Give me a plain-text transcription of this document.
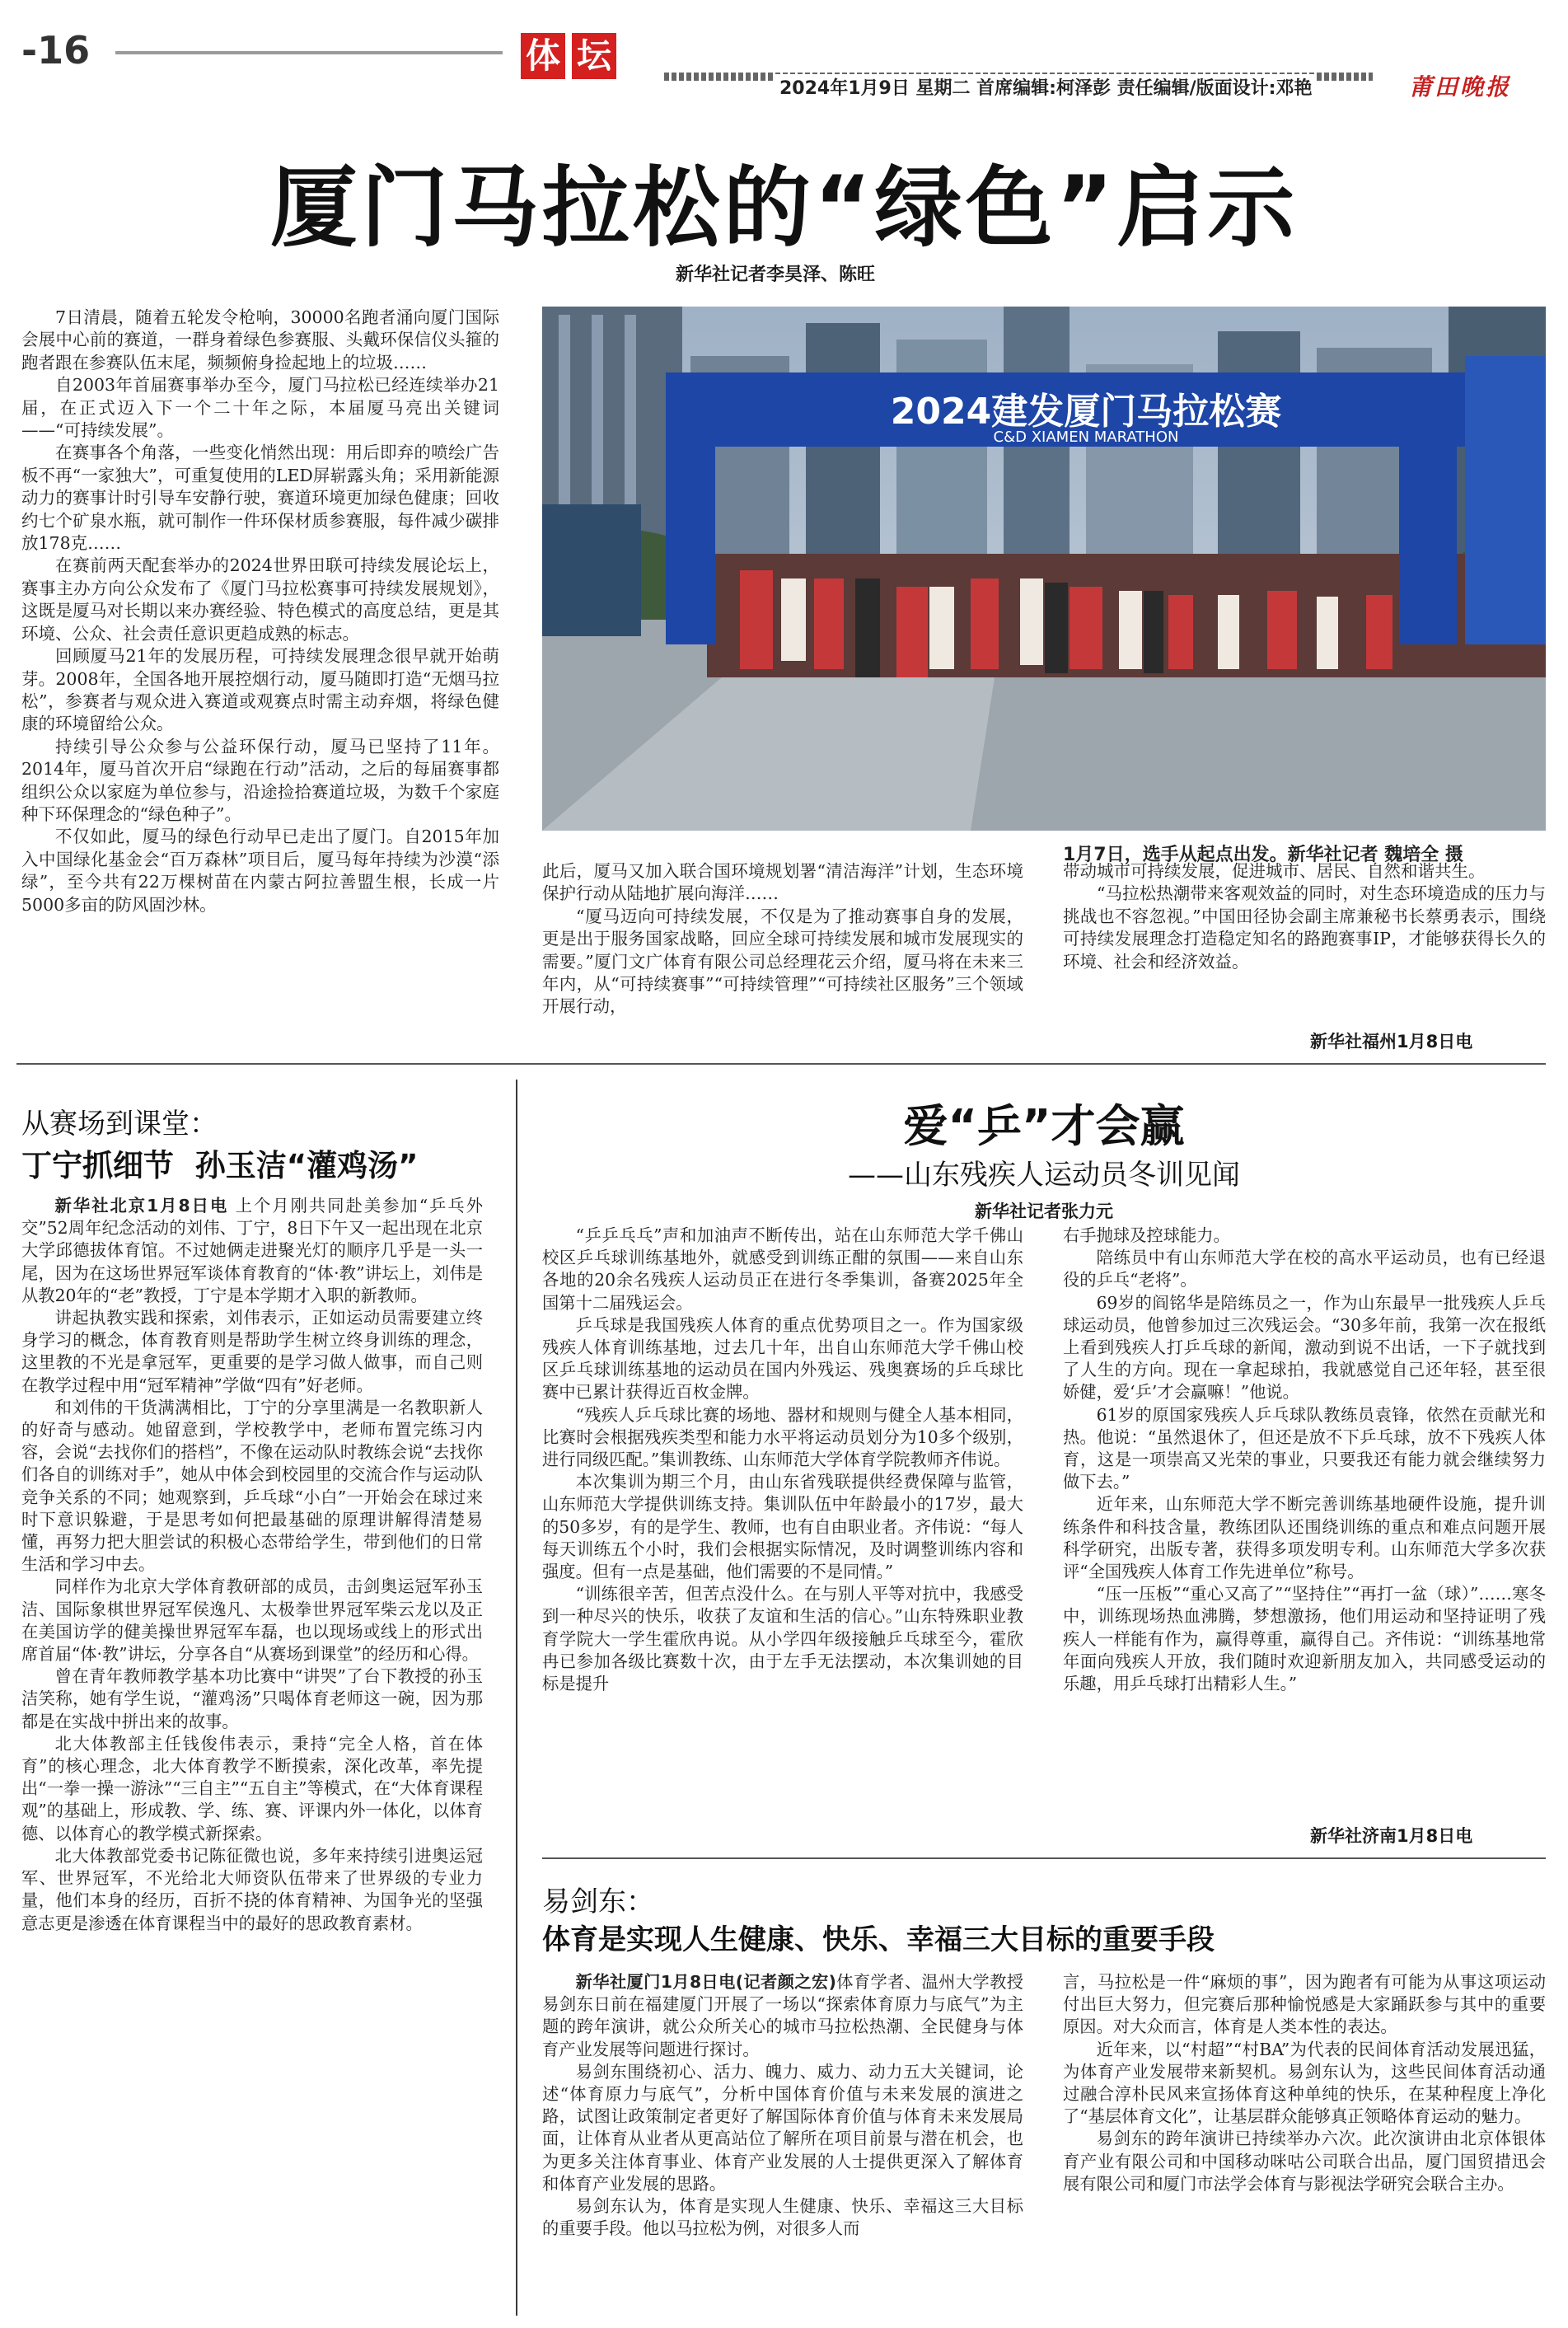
-16	体 坛
2024年1月9日 星期二 首席编辑:柯泽彭 责任编辑/版面设计:邓艳	莆田晚报
厦门马拉松的“绿色”启示
新华社记者李昊泽、陈旺

7日清晨，随着五轮发令枪响，30000名跑者涌向厦门国际会展中心前的赛道，一群身着绿色参赛服、头戴环保信仪头箍的跑者跟在参赛队伍末尾，频频俯身捡起地上的垃圾……

自2003年首届赛事举办至今，厦门马拉松已经连续举办21届，在正式迈入下一个二十年之际，本届厦马亮出关键词——“可持续发展”。

在赛事各个角落，一些变化悄然出现：用后即弃的喷绘广告板不再“一家独大”，可重复使用的LED屏崭露头角；采用新能源动力的赛事计时引导车安静行驶，赛道环境更加绿色健康；回收约七个矿泉水瓶，就可制作一件环保材质参赛服，每件减少碳排放178克……

在赛前两天配套举办的2024世界田联可持续发展论坛上，赛事主办方向公众发布了《厦门马拉松赛事可持续发展规划》，这既是厦马对长期以来办赛经验、特色模式的高度总结，更是其环境、公众、社会责任意识更趋成熟的标志。

回顾厦马21年的发展历程，可持续发展理念很早就开始萌芽。2008年，全国各地开展控烟行动，厦马随即打造“无烟马拉松”，参赛者与观众进入赛道或观赛点时需主动弃烟，将绿色健康的环境留给公众。

持续引导公众参与公益环保行动，厦马已坚持了11年。2014年，厦马首次开启“绿跑在行动”活动，之后的每届赛事都组织公众以家庭为单位参与，沿途捡拾赛道垃圾，为数千个家庭种下环保理念的“绿色种子”。

不仅如此，厦马的绿色行动早已走出了厦门。自2015年加入中国绿化基金会“百万森林”项目后，厦马每年持续为沙漠“添绿”，至今共有22万棵树苗在内蒙古阿拉善盟生根，长成一片5000多亩的防风固沙林。

2024建发厦门马拉松赛
C&D XIAMEN MARATHON
1月7日，选手从起点出发。新华社记者 魏培全 摄

此后，厦马又加入联合国环境规划署“清洁海洋”计划，生态环境保护行动从陆地扩展向海洋……

“厦马迈向可持续发展，不仅是为了推动赛事自身的发展，更是出于服务国家战略，回应全球可持续发展和城市发展现实的需要。”厦门文广体育有限公司总经理花云介绍，厦马将在未来三年内，从“可持续赛事”“可持续管理”“可持续社区服务”三个领域开展行动，

带动城市可持续发展，促进城市、居民、自然和谐共生。

“马拉松热潮带来客观效益的同时，对生态环境造成的压力与挑战也不容忽视。”中国田径协会副主席兼秘书长蔡勇表示，围绕可持续发展理念打造稳定知名的路跑赛事IP，才能够获得长久的环境、社会和经济效益。

新华社福州1月8日电
从赛场到课堂：
丁宁抓细节  孙玉洁“灌鸡汤”

新华社北京1月8日电 上个月刚共同赴美参加“乒乓外交”52周年纪念活动的刘伟、丁宁，8日下午又一起出现在北京大学邱德拔体育馆。不过她俩走进聚光灯的顺序几乎是一头一尾，因为在这场世界冠军谈体育教育的“体·教”讲坛上，刘伟是从教20年的“老”教授，丁宁是本学期才入职的新教师。

讲起执教实践和探索，刘伟表示，正如运动员需要建立终身学习的概念，体育教育则是帮助学生树立终身训练的理念，这里教的不光是拿冠军，更重要的是学习做人做事，而自己则在教学过程中用“冠军精神”学做“四有”好老师。

和刘伟的干货满满相比，丁宁的分享里满是一名教职新人的好奇与感动。她留意到，学校教学中，老师布置完练习内容，会说“去找你们的搭档”，不像在运动队时教练会说“去找你们各自的训练对手”，她从中体会到校园里的交流合作与运动队竞争关系的不同；她观察到，乒乓球“小白”一开始会在球过来时下意识躲避，于是思考如何把最基础的原理讲解得清楚易懂，再努力把大胆尝试的积极心态带给学生，带到他们的日常生活和学习中去。

同样作为北京大学体育教研部的成员，击剑奥运冠军孙玉洁、国际象棋世界冠军侯逸凡、太极拳世界冠军柴云龙以及正在美国访学的健美操世界冠军车磊，也以现场或线上的形式出席首届“体·教”讲坛，分享各自“从赛场到课堂”的经历和心得。

曾在青年教师教学基本功比赛中“讲哭”了台下教授的孙玉洁笑称，她有学生说，“灌鸡汤”只喝体育老师这一碗，因为那都是在实战中拼出来的故事。

北大体教部主任钱俊伟表示，秉持“完全人格，首在体育”的核心理念，北大体育教学不断摸索，深化改革，率先提出“一拳一操一游泳”“三自主”“五自主”等模式，在“大体育课程观”的基础上，形成教、学、练、赛、评课内外一体化，以体育德、以体育心的教学模式新探索。

北大体教部党委书记陈征微也说，多年来持续引进奥运冠军、世界冠军，不光给北大师资队伍带来了世界级的专业力量，他们本身的经历，百折不挠的体育精神、为国争光的坚强意志更是渗透在体育课程当中的最好的思政教育素材。

爱“乒”才会赢
——山东残疾人运动员冬训见闻
新华社记者张力元

“乒乒乓乓”声和加油声不断传出，站在山东师范大学千佛山校区乒乓球训练基地外，就感受到训练正酣的氛围——来自山东各地的20余名残疾人运动员正在进行冬季集训，备赛2025年全国第十二届残运会。

乒乓球是我国残疾人体育的重点优势项目之一。作为国家级残疾人体育训练基地，过去几十年，出自山东师范大学千佛山校区乒乓球训练基地的运动员在国内外残运、残奥赛场的乒乓球比赛中已累计获得近百枚金牌。

“残疾人乒乓球比赛的场地、器材和规则与健全人基本相同，比赛时会根据残疾类型和能力水平将运动员划分为10多个级别，进行同级匹配。”集训教练、山东师范大学体育学院教师齐伟说。

本次集训为期三个月，由山东省残联提供经费保障与监管，山东师范大学提供训练支持。集训队伍中年龄最小的17岁，最大的50多岁，有的是学生、教师，也有自由职业者。齐伟说：“每人每天训练五个小时，我们会根据实际情况，及时调整训练内容和强度。但有一点是基础，他们需要的不是同情。”

“训练很辛苦，但苦点没什么。在与别人平等对抗中，我感受到一种尽兴的快乐，收获了友谊和生活的信心。”山东特殊职业教育学院大一学生霍欣冉说。从小学四年级接触乒乓球至今，霍欣冉已参加各级比赛数十次，由于左手无法摆动，本次集训她的目标是提升

右手抛球及控球能力。

陪练员中有山东师范大学在校的高水平运动员，也有已经退役的乒乓“老将”。

69岁的阎铭华是陪练员之一，作为山东最早一批残疾人乒乓球运动员，他曾参加过三次残运会。“30多年前，我第一次在报纸上看到残疾人打乒乓球的新闻，激动到说不出话，一下子就找到了人生的方向。现在一拿起球拍，我就感觉自己还年轻，甚至很娇健，爱‘乒’才会赢嘛！”他说。

61岁的原国家残疾人乒乓球队教练员袁锋，依然在贡献光和热。他说：“虽然退休了，但还是放不下乒乓球，放不下残疾人体育，这是一项崇高又光荣的事业，只要我还有能力就会继续努力做下去。”

近年来，山东师范大学不断完善训练基地硬件设施，提升训练条件和科技含量，教练团队还围绕训练的重点和难点问题开展科学研究，出版专著，获得多项发明专利。山东师范大学多次获评“全国残疾人体育工作先进单位”称号。

“压一压板”“重心又高了”“坚持住”“再打一盆（球）”……寒冬中，训练现场热血沸腾，梦想激扬，他们用运动和坚持证明了残疾人一样能有作为，赢得尊重，赢得自己。齐伟说：“训练基地常年面向残疾人开放，我们随时欢迎新朋友加入，共同感受运动的乐趣，用乒乓球打出精彩人生。”

新华社济南1月8日电
易剑东：
体育是实现人生健康、快乐、幸福三大目标的重要手段

新华社厦门1月8日电(记者颜之宏)体育学者、温州大学教授易剑东日前在福建厦门开展了一场以“探索体育原力与底气”为主题的跨年演讲，就公众所关心的城市马拉松热潮、全民健身与体育产业发展等问题进行探讨。

易剑东围绕初心、活力、魄力、威力、动力五大关键词，论述“体育原力与底气”，分析中国体育价值与未来发展的演进之路，试图让政策制定者更好了解国际体育价值与体育未来发展局面，让体育从业者从更高站位了解所在项目前景与潜在机会，也为更多关注体育事业、体育产业发展的人士提供更深入了解体育和体育产业发展的思路。

易剑东认为，体育是实现人生健康、快乐、幸福这三大目标的重要手段。他以马拉松为例，对很多人而

言，马拉松是一件“麻烦的事”，因为跑者有可能为从事这项运动付出巨大努力，但完赛后那种愉悦感是大家踊跃参与其中的重要原因。对大众而言，体育是人类本性的表达。

近年来，以“村超”“村BA”为代表的民间体育活动发展迅猛，为体育产业发展带来新契机。易剑东认为，这些民间体育活动通过融合淳朴民风来宣扬体育这种单纯的快乐，在某种程度上净化了“基层体育文化”，让基层群众能够真正领略体育运动的魅力。

易剑东的跨年演讲已持续举办六次。此次演讲由北京体银体育产业有限公司和中国移动咪咕公司联合出品，厦门国贸措迅会展有限公司和厦门市法学会体育与影视法学研究会联合主办。
